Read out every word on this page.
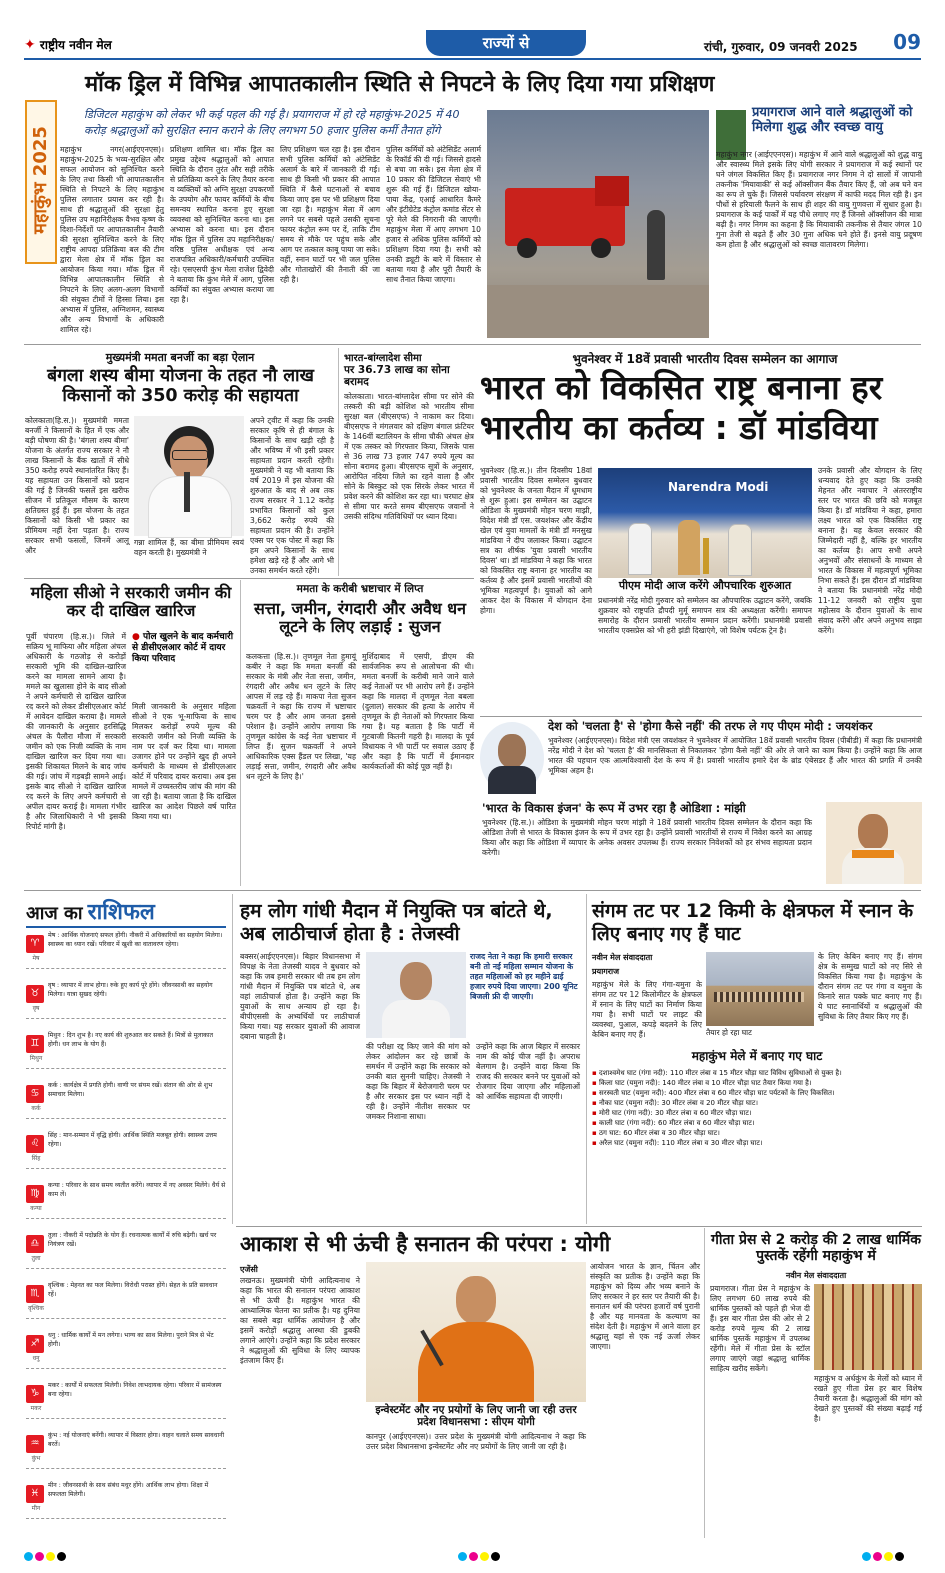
✦ राष्ट्रीय नवीन मेल	राज्यों से	रांची, गुरुवार, 09 जनवरी 2025 09
मॉक ड्रिल में विभिन्न आपातकालीन स्थिति से निपटने के लिए दिया गया प्रशिक्षण
महाकुंभ 2025
डिजिटल महाकुंभ को लेकर भी कई पहल की गई है। प्रयागराज में हो रहे महाकुंभ-2025 में 40
करोड़ श्रद्धालुओं को सुरक्षित स्नान कराने के लिए लगभग 50 हजार पुलिस कर्मी तैनात होंगे
महाकुंभ नगर(आईएएनएस)। महाकुंभ-2025 के भव्य-सुरक्षित और सफल आयोजन को सुनिश्चित करने के लिए तथा किसी भी आपातकालीन स्थिति से निपटने के लिए महाकुंभ पुलिस लगातार प्रयास कर रही है। साथ ही श्रद्धालुओं की सुरक्षा हेतु पुलिस उप महानिरीक्षक वैभव कृष्ण के दिशा-निर्देशों पर आपातकालीन तैयारी की सुरक्षा सुनिश्चित करने के लिए राष्ट्रीय आपदा प्रतिक्रिया बल की टीम द्वारा मेला क्षेत्र में मॉक ड्रिल का आयोजन किया गया। मॉक ड्रिल में विभिन्न आपातकालीन स्थिति से निपटने के लिए अलग-अलग विभागों की संयुक्त टीमों ने हिस्सा लिया। इस अभ्यास में पुलिस, अग्निशमन, स्वास्थ्य और अन्य विभागों के अधिकारी शामिल रहे।
प्रशिक्षण शामिल था। मॉक ड्रिल का प्रमुख उद्देश्य श्रद्धालुओं को आपात स्थिति के दौरान तुरंत और सही तरीके से प्रतिक्रिया करने के लिए तैयार करना व व्यक्तियों को अग्नि सुरक्षा उपकरणों के उपयोग और फायर कर्मियों के बीच समन्वय स्थापित करना हुए सुरक्षा व्यवस्था को सुनिश्चित करना था। इस अभ्यास को करना था। इस दौरान मॉक ड्रिल में पुलिस उप महानिरीक्षक/वरिष्ठ पुलिस अधीक्षक एवं अन्य राजपत्रित अधिकारी/कर्मचारी उपस्थित रहे। एसएसपी कुंभ मेला राजेश द्विवेदी ने बताया कि कुंभ मेले में आग, पुलिस कर्मियों का संयुक्त अभ्यास कराया जा रहा है।
लिए प्रशिक्षण चल रहा है। इस दौरान सभी पुलिस कर्मियों को अंटेसिडेंट अलार्म के बारे में जानकारी दी गई। साथ ही किसी भी प्रकार की आपात स्थिति में कैसे घटनाओं से बचाव किया जाए इस पर भी प्रशिक्षण दिया जा रहा है। महाकुंभ मेला में आग लगने पर सबसे पहले उसकी सूचना फायर कंट्रोल रूम पर दें, ताकि टीम समय से मौके पर पहुंच सके और आग पर तत्काल काबू पाया जा सके। वहीं, स्नान घाटों पर भी जल पुलिस और गोताखोरों की तैनाती की जा रही है।
पुलिस कर्मियों को अंटेसिडेंट अलार्म के रिकॉर्ड की दी गई। जिससे हादसे से बचा जा सके। इस मेला क्षेत्र में 10 प्रकार की डिजिटल सेवाएं भी शुरू की गई हैं। डिजिटल खोया-पाया केंद्र, एआई आधारित कैमरे और इंटीग्रेटेड कंट्रोल कमांड सेंटर से पूरे मेले की निगरानी की जाएगी। महाकुंभ मेला में आए लगभग 10 हजार से अधिक पुलिस कर्मियों को प्रशिक्षण दिया गया है। सभी को उनकी ड्यूटी के बारे में विस्तार से बताया गया है और पूरी तैयारी के साथ तैनात किया जाएगा।
प्रयागराज आने वाले श्रद्धालुओं को मिलेगा शुद्ध और स्वच्छ वायु
महाकुंभ नगर (आईएएनएस)। महाकुंभ में आने वाले श्रद्धालुओं को शुद्ध वायु और स्वास्थ्य मिले इसके लिए योगी सरकार ने प्रयागराज में कई स्थानों पर घने जंगल विकसित किए हैं। प्रयागराज नगर निगम ने दो सालों में जापानी तकनीक 'मियावाकी' से कई ऑक्सीजन बैंक तैयार किए हैं, जो अब घने वन का रूप ले चुके हैं। जिससे पर्यावरण संरक्षण में काफी मदद मिल रही है। इन पौधों से हरियाली फैलने के साथ ही शहर की वायु गुणवत्ता में सुधार हुआ है। प्रयागराज के कई पार्कों में यह पौधे लगाए गए हैं जिनसे ऑक्सीजन की मात्रा बढ़ी है। नगर निगम का कहना है कि मियावाकी तकनीक से तैयार जंगल 10 गुना तेजी से बढ़ते हैं और 30 गुना अधिक घने होते हैं। इनसे वायु प्रदूषण कम होता है और श्रद्धालुओं को स्वच्छ वातावरण मिलेगा।
मुख्यमंत्री ममता बनर्जी का बड़ा ऐलान
बंगला शस्य बीमा योजना के तहत नौ लाख किसानों को 350 करोड़ की सहायता
कोलकाता(हि.स.)। मुख्यमंत्री ममता बनर्जी ने किसानों के हित में एक और बड़ी घोषणा की है। 'बंगला शस्य बीमा' योजना के अंतर्गत राज्य सरकार ने नौ लाख किसानों के बैंक खातों में सीधे 350 करोड़ रुपये स्थानांतरित किए हैं। यह सहायता उन किसानों को प्रदान की गई है जिनकी फसलें इस खरीफ सीजन में प्रतिकूल मौसम के कारण क्षतिग्रस्त हुई हैं। इस योजना के तहत किसानों को किसी भी प्रकार का प्रीमियम नहीं देना पड़ता है। राज्य सरकार सभी फसलों, जिनमें आलू और
गन्ना शामिल हैं, का बीमा प्रीमियम स्वयं वहन करती है। मुख्यमंत्री ने
अपने ट्वीट में कहा कि उनकी सरकार कृषि से ही बंगाल के किसानों के साथ खड़ी रही है और भविष्य में भी इसी प्रकार सहायता प्रदान करती रहेगी। मुख्यमंत्री ने यह भी बताया कि वर्ष 2019 में इस योजना की शुरुआत के बाद से अब तक राज्य सरकार ने 1.12 करोड़ प्रभावित किसानों को कुल 3,662 करोड़ रुपये की सहायता प्रदान की है। उन्होंने एक्स पर एक पोस्ट में कहा कि हम अपने किसानों के साथ हमेशा खड़े रहे हैं और आगे भी उनका समर्थन करते रहेंगे।
भारत-बांग्लादेश सीमा
पर 36.73 लाख का सोना बरामद
कोलकाता। भारत-बांग्लादेश सीमा पर सोने की तस्करी की बड़ी कोशिश को भारतीय सीमा सुरक्षा बल (बीएसएफ) ने नाकाम कर दिया। बीएसएफ ने मंगलवार को दक्षिण बंगाल फ्रंटियर के 146वीं बटालियन के सीमा चौकी अंचल क्षेत्र में एक तस्कर को गिरफ्तार किया, जिसके पास से 36 लाख 73 हजार 747 रुपये मूल्य का सोना बरामद हुआ। बीएसएफ सूत्रों के अनुसार, आरोपित नदिया जिले का रहने वाला है और सोने के बिस्कुट को एक सिरके लेकर भारत में प्रवेश करने की कोशिश कर रहा था। चरघाट क्षेत्र से सीमा पार करते समय बीएसएफ जवानों ने उसकी संदिग्ध गतिविधियों पर ध्यान दिया।
भुवनेश्वर में 18वें प्रवासी भारतीय दिवस सम्मेलन का आगाज
भारत को विकसित राष्ट्र बनाना हर भारतीय का कर्तव्य : डॉ मांडविया
भुवनेश्वर (हि.स.)। तीन दिवसीय 18वां प्रवासी भारतीय दिवस सम्मेलन बुधवार को भुवनेश्वर के जनता मैदान में धूमधाम से शुरू हुआ। इस सम्मेलन का उद्घाटन ओडिशा के मुख्यमंत्री मोहन चरण माझी, विदेश मंत्री डॉ एस. जयशंकर और केंद्रीय खेल एवं युवा मामलों के मंत्री डॉ मनसुख मांडविया ने दीप जलाकर किया। उद्घाटन सत्र का शीर्षक 'युवा प्रवासी भारतीय दिवस' था। डॉ मांडविया ने कहा कि भारत को विकसित राष्ट्र बनाना हर भारतीय का कर्तव्य है और इसमें प्रवासी भारतीयों की भूमिका महत्वपूर्ण है। युवाओं को आगे आकर देश के विकास में योगदान देना होगा।
Narendra Modi
पीएम मोदी आज करेंगे औपचारिक शुरुआत
प्रधानमंत्री नरेंद्र मोदी गुरुवार को सम्मेलन का औपचारिक उद्घाटन करेंगे, जबकि शुक्रवार को राष्ट्रपति द्रौपदी मुर्मू समापन सत्र की अध्यक्षता करेंगी। समापन समारोह के दौरान प्रवासी भारतीय सम्मान प्रदान करेंगी। प्रधानमंत्री प्रवासी भारतीय एक्सप्रेस को भी हरी झंडी दिखाएंगे, जो विशेष पर्यटक ट्रेन है।
उनके प्रवासी और योगदान के लिए धन्यवाद देते हुए कहा कि उनकी मेहनत और नवाचार ने अंतरराष्ट्रीय स्तर पर भारत की छवि को मजबूत किया है। डॉ मांडविया ने कहा, हमारा लक्ष्य भारत को एक विकसित राष्ट्र बनाना है। यह केवल सरकार की जिम्मेदारी नहीं है, बल्कि हर भारतीय का कर्तव्य है। आप सभी अपने अनुभवों और संसाधनों के माध्यम से भारत के विकास में महत्वपूर्ण भूमिका निभा सकते हैं। इस दौरान डॉ मांडविया ने बताया कि प्रधानमंत्री नरेंद्र मोदी 11-12 जनवरी को राष्ट्रीय युवा महोत्सव के दौरान युवाओं के साथ संवाद करेंगे और अपने अनुभव साझा करेंगे।
महिला सीओ ने सरकारी जमीन की कर दी दाखिल खारिज
पूर्वी चंपारण (हि.स.)। जिले में सक्रिय भू माफिया और महिला अंचल अधिकारी के गठजोड़ से करोड़ों सरकारी भूमि की दाखिल-खारिज करने का मामला सामने आया है। ममले का खुलासा होने के बाद सीओ ने अपने कर्मचारी से दाखिल खारिज रद करने को लेकर डीसीएलआर कोर्ट में आवेदन दाखिल कराया है। मामले की जानकारी के अनुसार हरसिद्धि अंचल के पैलौरा मौजा में सरकारी जमीन को एक निजी व्यक्ति के नाम दाखिल खारिज कर दिया गया था। इसकी शिकायत मिलने के बाद जांच की गई। जांच में गड़बड़ी सामने आई। इसके बाद सीओ ने दाखिल खारिज रद करने के लिए अपने कर्मचारी से अपील दायर कराई है। मामला गंभीर है और जिलाधिकारी ने भी इसकी रिपोर्ट मांगी है।
● पोल खुलने के बाद कर्मचारी से डीसीएलआर कोर्ट में दायर किया परिवाद
मिली जानकारी के अनुसार महिला सीओ ने एक भू-माफिया के साथ मिलकर करोड़ों रुपये मूल्य की सरकारी जमीन को निजी व्यक्ति के नाम पर दर्ज कर दिया था। मामला उजागर होने पर उन्होंने खुद ही अपने कर्मचारी के माध्यम से डीसीएलआर कोर्ट में परिवाद दायर कराया। अब इस मामले में उच्चस्तरीय जांच की मांग की जा रही है। बताया जाता है कि दाखिल खारिज का आदेश पिछले वर्ष पारित किया गया था।
ममता के करीबी भ्रष्टाचार में लिप्त
सत्ता, जमीन, रंगदारी और अवैध धन लूटने के लिए लड़ाई : सुजन
कलकत्ता (हि.स.)। तृणमूल नेता हुमायूं कबीर ने कहा कि ममता बनर्जी की सरकार के मंत्री और नेता सत्ता, जमीन, रंगदारी और अवैध धन लूटने के लिए आपस में लड़ रहे हैं। माकपा नेता सुजन चक्रवर्ती ने कहा कि राज्य में भ्रष्टाचार चरम पर है और आम जनता इससे परेशान है। उन्होंने आरोप लगाया कि तृणमूल कांग्रेस के कई नेता भ्रष्टाचार में लिप्त हैं। सुजन चक्रवर्ती ने अपने आधिकारिक एक्स हैंडल पर लिखा, 'यह लड़ाई सत्ता, जमीन, रंगदारी और अवैध धन लूटने के लिए है।'
मुर्शिदाबाद में एसपी, डीएम की सार्वजनिक रूप से आलोचना की थी। ममता बनर्जी के करीबी माने जाने वाले कई नेताओं पर भी आरोप लगे हैं। उन्होंने कहा कि मालदा में तृणमूल नेता बबला (दुलाल) सरकार की हत्या के आरोप में तृणमूल के ही नेताओं को गिरफ्तार किया गया है। यह बताता है कि पार्टी में गुटबाजी कितनी गहरी है। मालदा के पूर्व विधायक ने भी पार्टी पर सवाल उठाए हैं और कहा है कि पार्टी में ईमानदार कार्यकर्ताओं की कोई पूछ नहीं है।
देश को 'चलता है' से 'होगा कैसे नहीं' की तरफ ले गए पीएम मोदी : जयशंकर
भुवनेश्वर (आईएएनएस)। विदेश मंत्री एस जयशंकर ने भुवनेश्वर में आयोजित 18वें प्रवासी भारतीय दिवस (पीबीडी) में कहा कि प्रधानमंत्री नरेंद्र मोदी ने देश को 'चलता है' की मानसिकता से निकालकर 'होगा कैसे नहीं' की ओर ले जाने का काम किया है। उन्होंने कहा कि आज भारत की पहचान एक आत्मविश्वासी देश के रूप में है। प्रवासी भारतीय हमारे देश के ब्रांड एंबेसडर हैं और भारत की प्रगति में उनकी भूमिका अहम है।
'भारत के विकास इंजन' के रूप में उभर रहा है ओडिशा : मांझी
भुवनेश्वर (हि.स.)। ओडिशा के मुख्यमंत्री मोहन चरण मांझी ने 18वें प्रवासी भारतीय दिवस सम्मेलन के दौरान कहा कि ओडिशा तेजी से भारत के विकास इंजन के रूप में उभर रहा है। उन्होंने प्रवासी भारतीयों से राज्य में निवेश करने का आग्रह किया और कहा कि ओडिशा में व्यापार के अनेक अवसर उपलब्ध हैं। राज्य सरकार निवेशकों को हर संभव सहायता प्रदान करेगी।
आज का राशिफल
♈
मेष
मेष : आर्थिक योजनाएं सफल होंगी। नौकरी में अधिकारियों का सहयोग मिलेगा। स्वास्थ्य का ध्यान रखें। परिवार में खुशी का वातावरण रहेगा।
♉
वृष
वृष : व्यापार में लाभ होगा। रुके हुए कार्य पूरे होंगे। जीवनसाथी का सहयोग मिलेगा। यात्रा सुखद रहेगी।
♊
मिथुन
मिथुन : दिन शुभ है। नए कार्य की शुरुआत कर सकते हैं। मित्रों से मुलाकात होगी। धन लाभ के योग हैं।
♋
कर्क
कर्क : कार्यक्षेत्र में प्रगति होगी। वाणी पर संयम रखें। संतान की ओर से शुभ समाचार मिलेगा।
♌
सिंह
सिंह : मान-सम्मान में वृद्धि होगी। आर्थिक स्थिति मजबूत होगी। स्वास्थ्य उत्तम रहेगा।
♍
कन्या
कन्या : परिवार के साथ समय व्यतीत करेंगे। व्यापार में नए अवसर मिलेंगे। धैर्य से काम लें।
♎
तुला
तुला : नौकरी में पदोन्नति के योग हैं। रचनात्मक कार्यों में रुचि बढ़ेगी। खर्च पर नियंत्रण रखें।
♏
वृश्चिक
वृश्चिक : मेहनत का फल मिलेगा। विरोधी परास्त होंगे। सेहत के प्रति सावधान रहें।
♐
धनु
धनु : धार्मिक कार्यों में मन लगेगा। भाग्य का साथ मिलेगा। पुराने मित्र से भेंट होगी।
♑
मकर
मकर : कार्यों में सफलता मिलेगी। निवेश लाभदायक रहेगा। परिवार में सामंजस्य बना रहेगा।
♒
कुंभ
कुंभ : नई योजनाएं बनेंगी। व्यापार में विस्तार होगा। वाहन चलाते समय सावधानी बरतें।
♓
मीन
मीन : जीवनसाथी के साथ संबंध मधुर होंगे। आर्थिक लाभ होगा। शिक्षा में सफलता मिलेगी।
हम लोग गांधी मैदान में नियुक्ति पत्र बांटते थे, अब लाठीचार्ज होता है : तेजस्वी
बक्सर(आईएएनएस)। बिहार विधानसभा में विपक्ष के नेता तेजस्वी यादव ने बुधवार को कहा कि जब हमारी सरकार थी तब हम लोग गांधी मैदान में नियुक्ति पत्र बांटते थे, अब वहां लाठीचार्ज होता है। उन्होंने कहा कि युवाओं के साथ अन्याय हो रहा है। बीपीएससी के अभ्यर्थियों पर लाठीचार्ज किया गया। यह सरकार युवाओं की आवाज दबाना चाहती है।
राजद नेता ने कहा कि हमारी सरकार बनी तो नई महिला सम्मान योजना के तहत महिलाओं को हर महीने ढाई हजार रुपये दिया जाएगा। 200 यूनिट बिजली फ्री दी जाएगी।
की परीक्षा रद्द किए जाने की मांग को लेकर आंदोलन कर रहे छात्रों के समर्थन में उन्होंने कहा कि सरकार को उनकी बात सुननी चाहिए। तेजस्वी ने कहा कि बिहार में बेरोजगारी चरम पर है और सरकार इस पर ध्यान नहीं दे रही है। उन्होंने नीतीश सरकार पर जमकर निशाना साधा।
उन्होंने कहा कि आज बिहार में सरकार नाम की कोई चीज नहीं है। अपराध बेलगाम है। उन्होंने वादा किया कि राजद की सरकार बनने पर युवाओं को रोजगार दिया जाएगा और महिलाओं को आर्थिक सहायता दी जाएगी।
संगम तट पर 12 किमी के क्षेत्रफल में स्नान के लिए बनाए गए हैं घाट
नवीन मेल संवाददाता
प्रयागराज
महाकुंभ मेले के लिए गंगा-यमुना के संगम तट पर 12 किलोमीटर के क्षेत्रफल में स्नान के लिए घाटों का निर्माण किया गया है। सभी घाटों पर लाइट की व्यवस्था, पुआल, कपड़े बदलने के लिए केबिन बनाए गए हैं।	तैयार हो रहा घाट
के लिए केबिन बनाए गए हैं। संगम क्षेत्र के सम्मुख घाटों को नए सिरे से विकसित किया गया है। महाकुंभ के दौरान संगम तट पर गंगा व यमुना के किनारे सात पक्के घाट बनाए गए हैं। ये घाट स्नानार्थियों व श्रद्धालुओं की सुविधा के लिए तैयार किए गए हैं।
महाकुंभ मेले में बनाए गए घाट
▪ दशाश्वमेध घाट (गंगा नदी): 110 मीटर लंबा व 15 मीटर चौड़ा घाट विविध सुविधाओं से युक्त है।
▪ किला घाट (यमुना नदी): 140 मीटर लंबा व 10 मीटर चौड़ा घाट तैयार किया गया है।
▪ सरस्वती घाट (यमुना नदी): 400 मीटर लंबा व 60 मीटर चौड़ा घाट पर्यटकों के लिए विकसित।
▪ नौका घाट (यमुना नदी): 30 मीटर लंबा व 20 मीटर चौड़ा घाट।
▪ मोरी घाट (गंगा नदी): 30 मीटर लंबा व 60 मीटर चौड़ा घाट।
▪ काली घाट (गंगा नदी): 60 मीटर लंबा व 60 मीटर चौड़ा घाट।
▪ ठग घाट: 60 मीटर लंबा व 30 मीटर चौड़ा घाट।
▪ अरैल घाट (यमुना नदी): 110 मीटर लंबा व 30 मीटर चौड़ा घाट।
आकाश से भी ऊंची है सनातन की परंपरा : योगी
एजेंसी
लखनऊ। मुख्यमंत्री योगी आदित्यनाथ ने कहा कि भारत की सनातन परंपरा आकाश से भी ऊंची है। महाकुंभ भारत की आध्यात्मिक चेतना का प्रतीक है। यह दुनिया का सबसे बड़ा धार्मिक आयोजन है और इसमें करोड़ों श्रद्धालु आस्था की डुबकी लगाने आएंगे। उन्होंने कहा कि प्रदेश सरकार ने श्रद्धालुओं की सुविधा के लिए व्यापक इंतजाम किए हैं।
इन्वेस्टमेंट और नए प्रयोगों के लिए जानी जा रही उत्तर प्रदेश विधानसभा : सीएम योगी
कानपुर (आईएएनएस)। उत्तर प्रदेश के मुख्यमंत्री योगी आदित्यनाथ ने कहा कि उत्तर प्रदेश विधानसभा इन्वेस्टमेंट और नए प्रयोगों के लिए जानी जा रही है।
आयोजन भारत के ज्ञान, चिंतन और संस्कृति का प्रतीक है। उन्होंने कहा कि महाकुंभ को दिव्य और भव्य बनाने के लिए सरकार ने हर स्तर पर तैयारी की है। सनातन धर्म की परंपरा हजारों वर्ष पुरानी है और यह मानवता के कल्याण का संदेश देती है। महाकुंभ में आने वाला हर श्रद्धालु यहां से एक नई ऊर्जा लेकर जाएगा।
गीता प्रेस से 2 करोड़ की 2 लाख धार्मिक पुस्तकें रहेंगी महाकुंभ में
नवीन मेल संवाददाता
प्रयागराज। गीता प्रेस ने महाकुंभ के लिए लगभग 60 लाख रुपये की धार्मिक पुस्तकों को पहले ही भेज दी हैं। इस बार गीता प्रेस की ओर से 2 करोड़ रुपये मूल्य की 2 लाख धार्मिक पुस्तकें महाकुंभ में उपलब्ध रहेंगी। मेले में गीता प्रेस के स्टॉल लगाए जाएंगे जहां श्रद्धालु धार्मिक साहित्य खरीद सकेंगे।
महाकुंभ व अर्धकुंभ के मेलों को ध्यान में रखते हुए गीता प्रेस हर बार विशेष तैयारी करता है। श्रद्धालुओं की मांग को देखते हुए पुस्तकों की संख्या बढ़ाई गई है।
